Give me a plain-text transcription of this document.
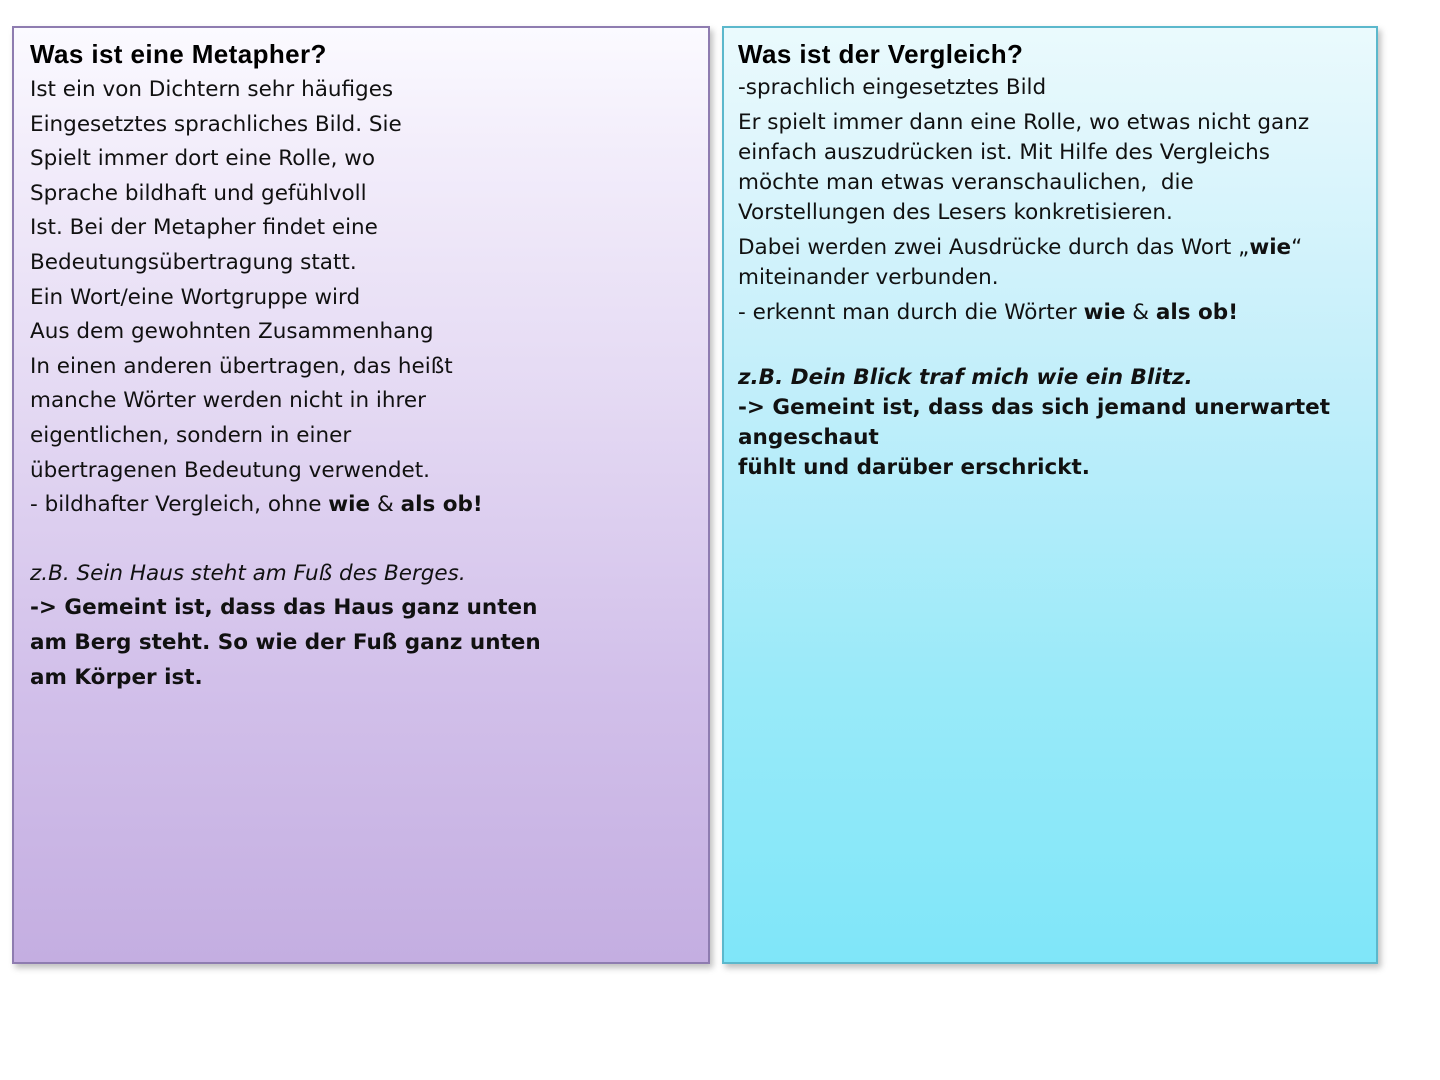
Was ist eine Metapher?
Ist ein von Dichtern sehr häufiges
Eingesetztes sprachliches Bild. Sie
Spielt immer dort eine Rolle, wo
Sprache bildhaft und gefühlvoll
Ist. Bei der Metapher findet eine
Bedeutungsübertragung statt.
Ein Wort/eine Wortgruppe wird
Aus dem gewohnten Zusammenhang
In einen anderen übertragen, das heißt
manche Wörter werden nicht in ihrer
eigentlichen, sondern in einer
übertragenen Bedeutung verwendet.
- bildhafter Vergleich, ohne wie & als ob!
z.B. Sein Haus steht am Fuß des Berges.
-> Gemeint ist, dass das Haus ganz unten
am Berg steht. So wie der Fuß ganz unten
am Körper ist.
Was ist der Vergleich?
-sprachlich eingesetztes Bild
Er spielt immer dann eine Rolle, wo etwas nicht ganz
einfach auszudrücken ist. Mit Hilfe des Vergleichs
möchte man etwas veranschaulichen,  die
Vorstellungen des Lesers konkretisieren.
Dabei werden zwei Ausdrücke durch das Wort „wie“
miteinander verbunden.
- erkennt man durch die Wörter wie & als ob!
z.B. Dein Blick traf mich wie ein Blitz.
-> Gemeint ist, dass das sich jemand unerwartet
angeschaut
fühlt und darüber erschrickt.
